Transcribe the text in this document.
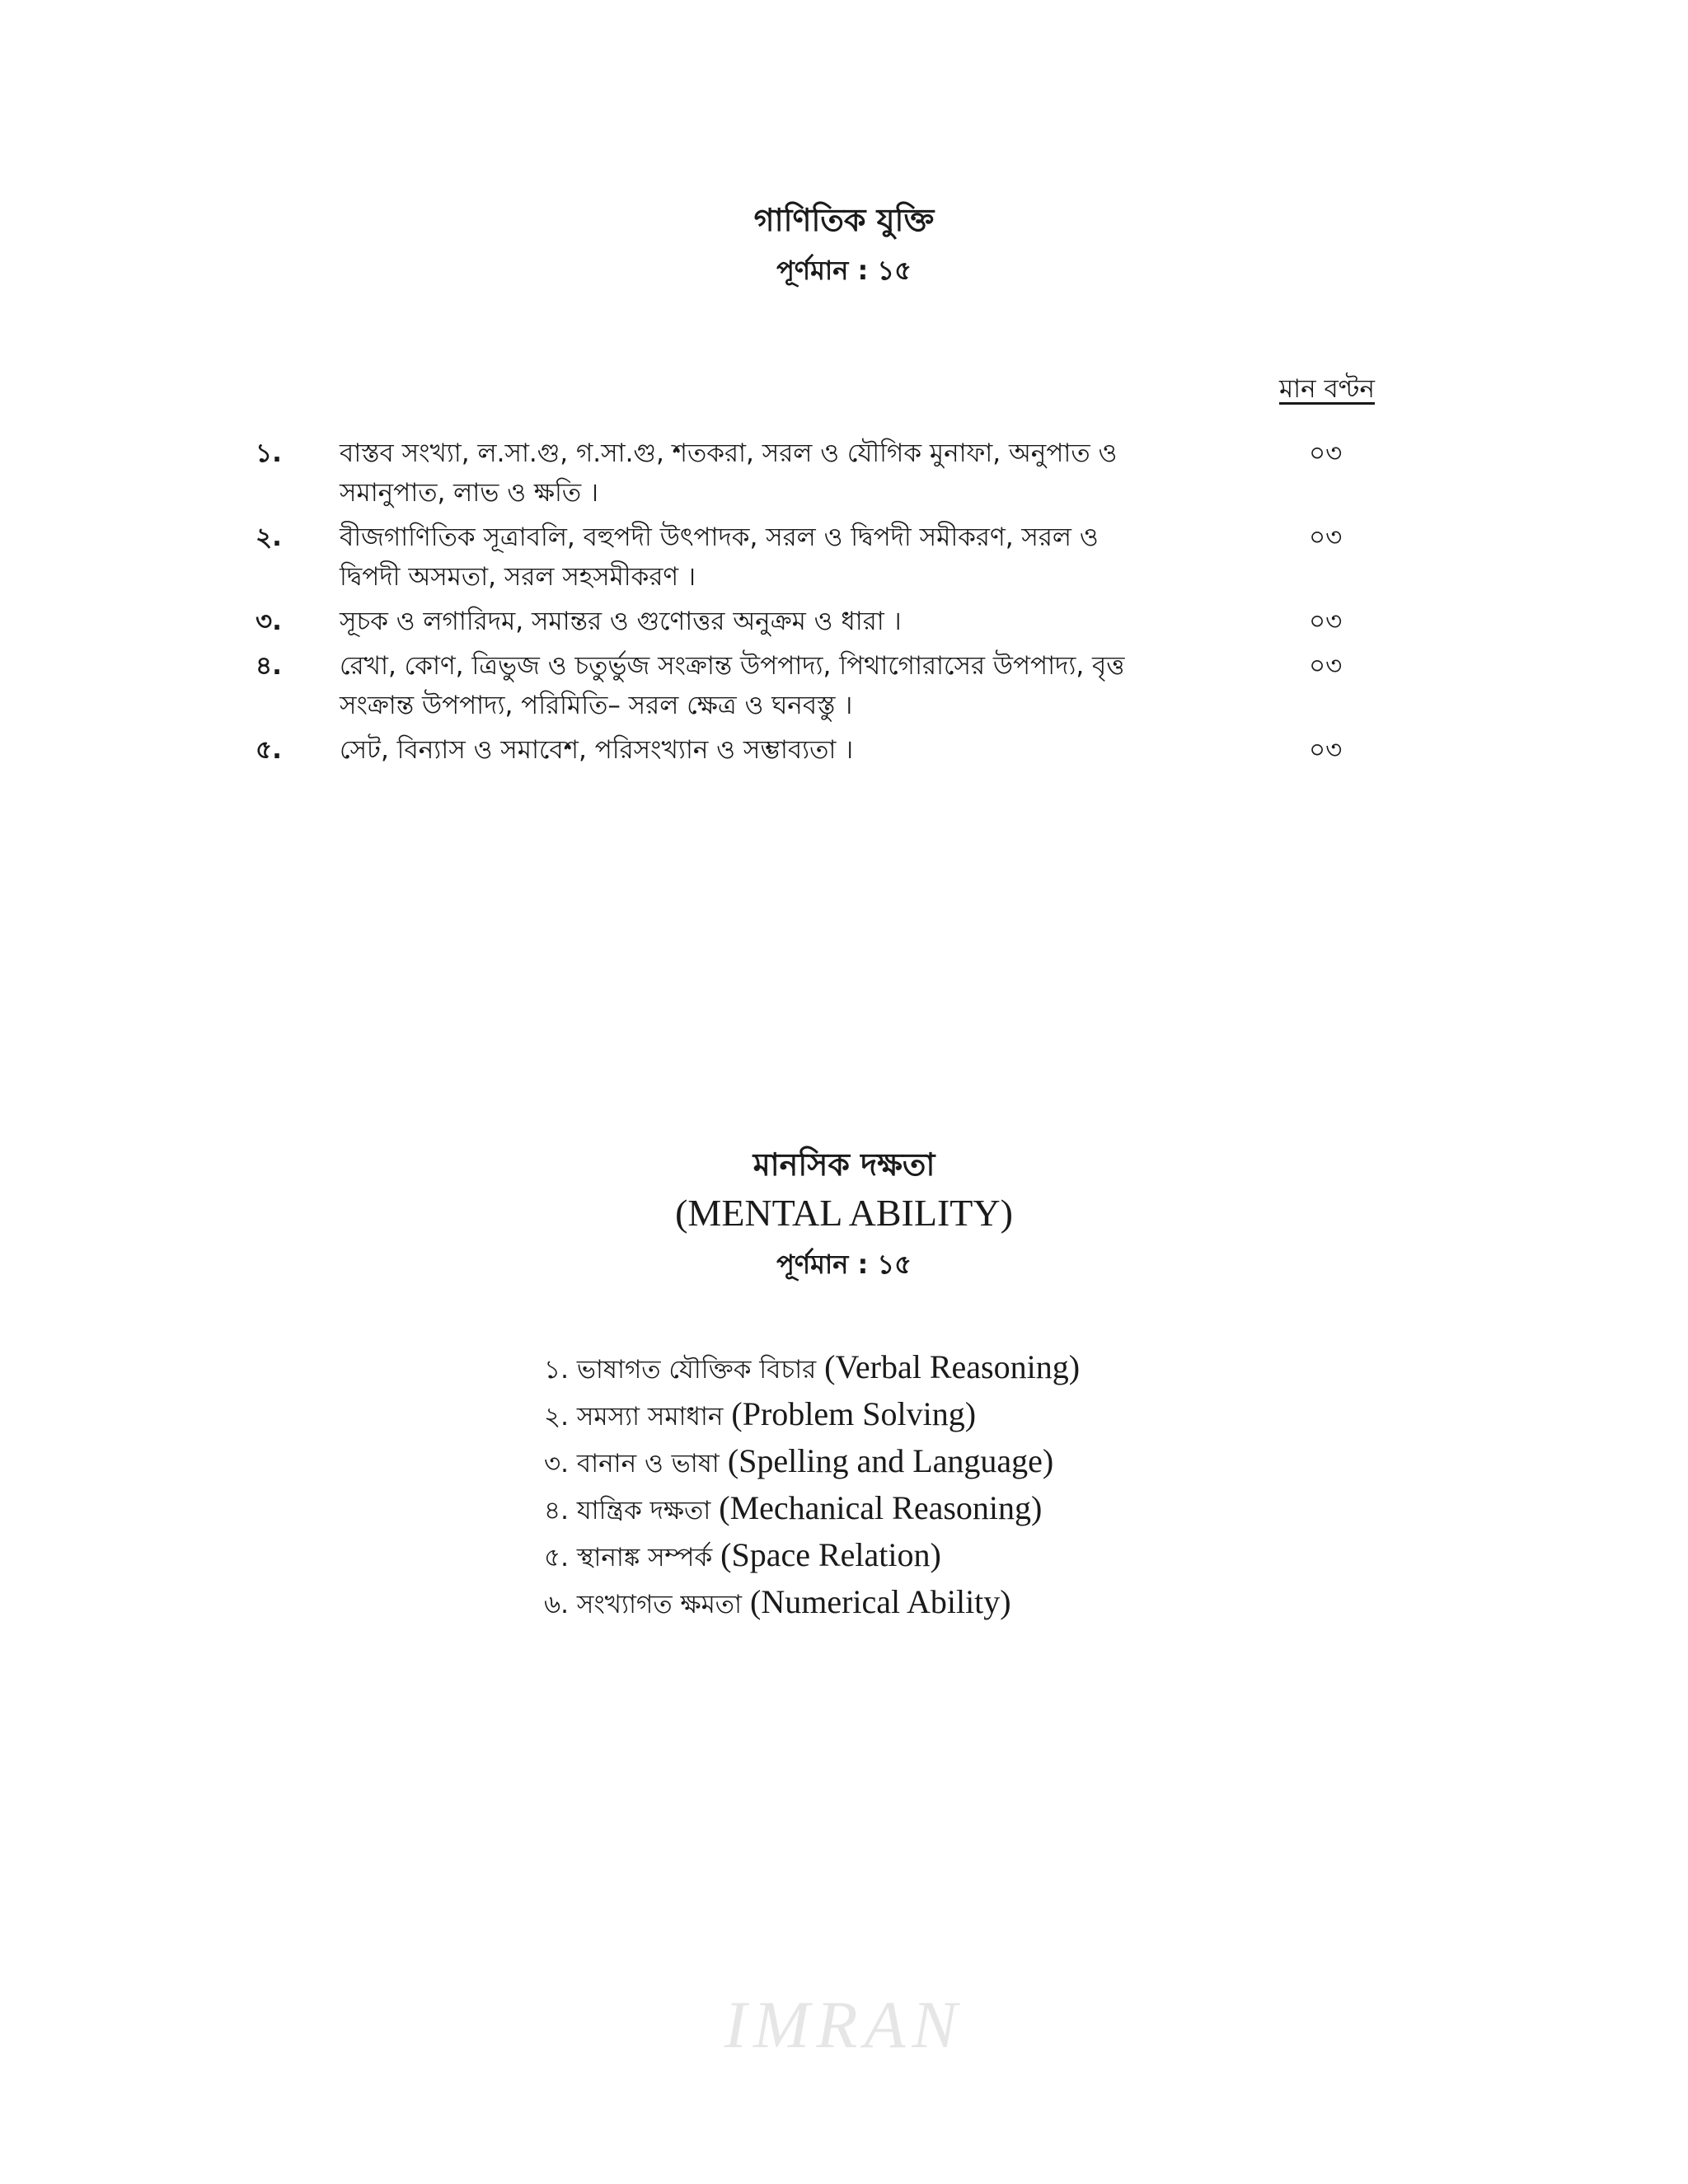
গাণিতিক যুক্তি
পূর্ণমান : ১৫
মান বণ্টন
১. বাস্তব সংখ্যা, ল.সা.গু, গ.সা.গু, শতকরা, সরল ও যৌগিক মুনাফা, অনুপাত ও
সমানুপাত, লাভ ও ক্ষতি ।
০৩
২. বীজগাণিতিক সূত্রাবলি, বহুপদী উৎপাদক, সরল ও দ্বিপদী সমীকরণ, সরল ও
দ্বিপদী অসমতা, সরল সহসমীকরণ ।
০৩
৩. সূচক ও লগারিদম, সমান্তর ও গুণোত্তর অনুক্রম ও ধারা ।	০৩
৪. রেখা, কোণ, ত্রিভুজ ও চতুর্ভুজ সংক্রান্ত উপপাদ্য, পিথাগোরাসের উপপাদ্য, বৃত্ত
সংক্রান্ত উপপাদ্য, পরিমিতি– সরল ক্ষেত্র ও ঘনবস্তু ।
০৩
৫. সেট, বিন্যাস ও সমাবেশ, পরিসংখ্যান ও সম্ভাব্যতা ।	০৩
মানসিক দক্ষতা
(MENTAL ABILITY)
পূর্ণমান : ১৫
১. ভাষাগত যৌক্তিক বিচার (Verbal Reasoning)
২. সমস্যা সমাধান (Problem Solving)
৩. বানান ও ভাষা (Spelling and Language)
৪. যান্ত্রিক দক্ষতা (Mechanical Reasoning)
৫. স্থানাঙ্ক সম্পর্ক (Space Relation)
৬. সংখ্যাগত ক্ষমতা (Numerical Ability)
IMRAN
